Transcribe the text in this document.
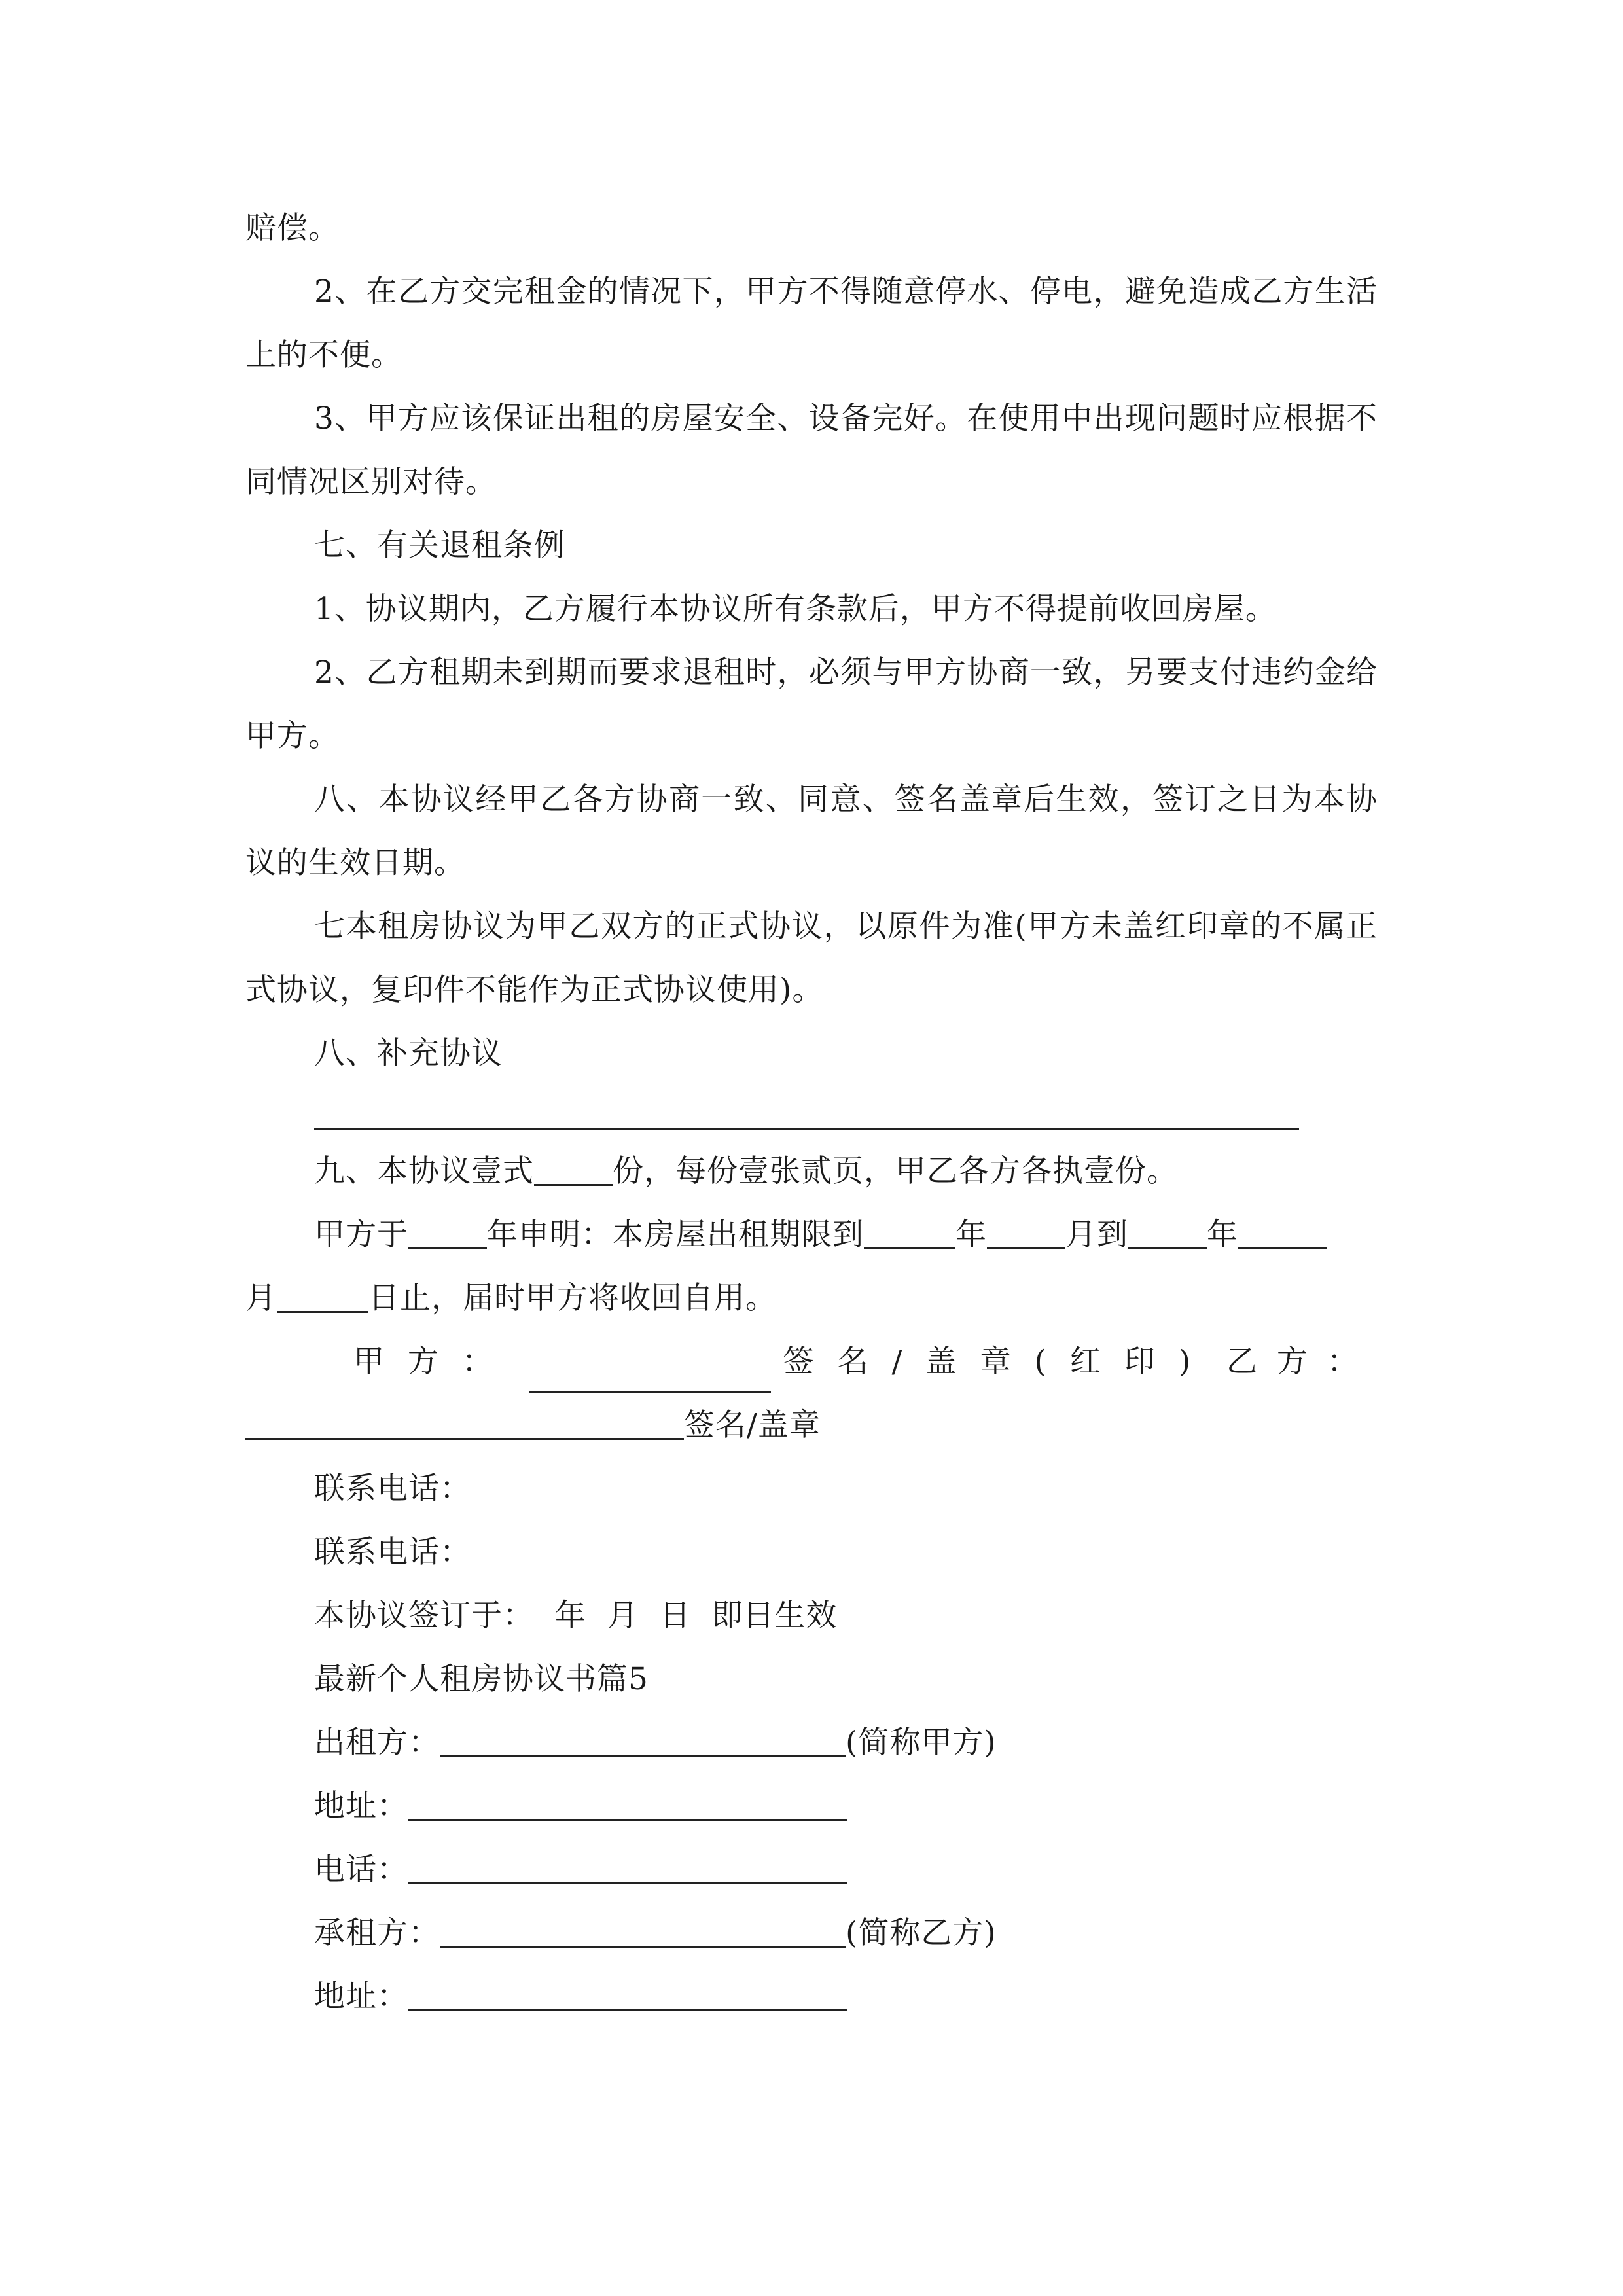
赔偿。

2、在乙方交完租金的情况下，甲方不得随意停水、停电，避免造成乙方生活上的不便。

3、甲方应该保证出租的房屋安全、设备完好。在使用中出现问题时应根据不同情况区别对待。

七、有关退租条例

1、协议期内，乙方履行本协议所有条款后，甲方不得提前收回房屋。

2、乙方租期未到期而要求退租时，必须与甲方协商一致，另要支付违约金给甲方。

八、本协议经甲乙各方协商一致、同意、签名盖章后生效，签订之日为本协议的生效日期。

七本租房协议为甲乙双方的正式协议，以原件为准(甲方未盖红印章的不属正式协议，复印件不能作为正式协议使用)。

八、补充协议

九、本协议壹式	份，每份壹张贰页，甲乙各方各执壹份。

甲方于	年申明：本房屋出租期限到	年	月到	年
月	日止，届时甲方将收回自用。

甲方：	签名/盖章(红印) 乙方：
签名/盖章

联系电话：

联系电话：

本协议签订于：  年  月  日  即日生效

最新个人租房协议书篇5

出租方：	(简称甲方)

地址：

电话：

承租方：	(简称乙方)

地址：
